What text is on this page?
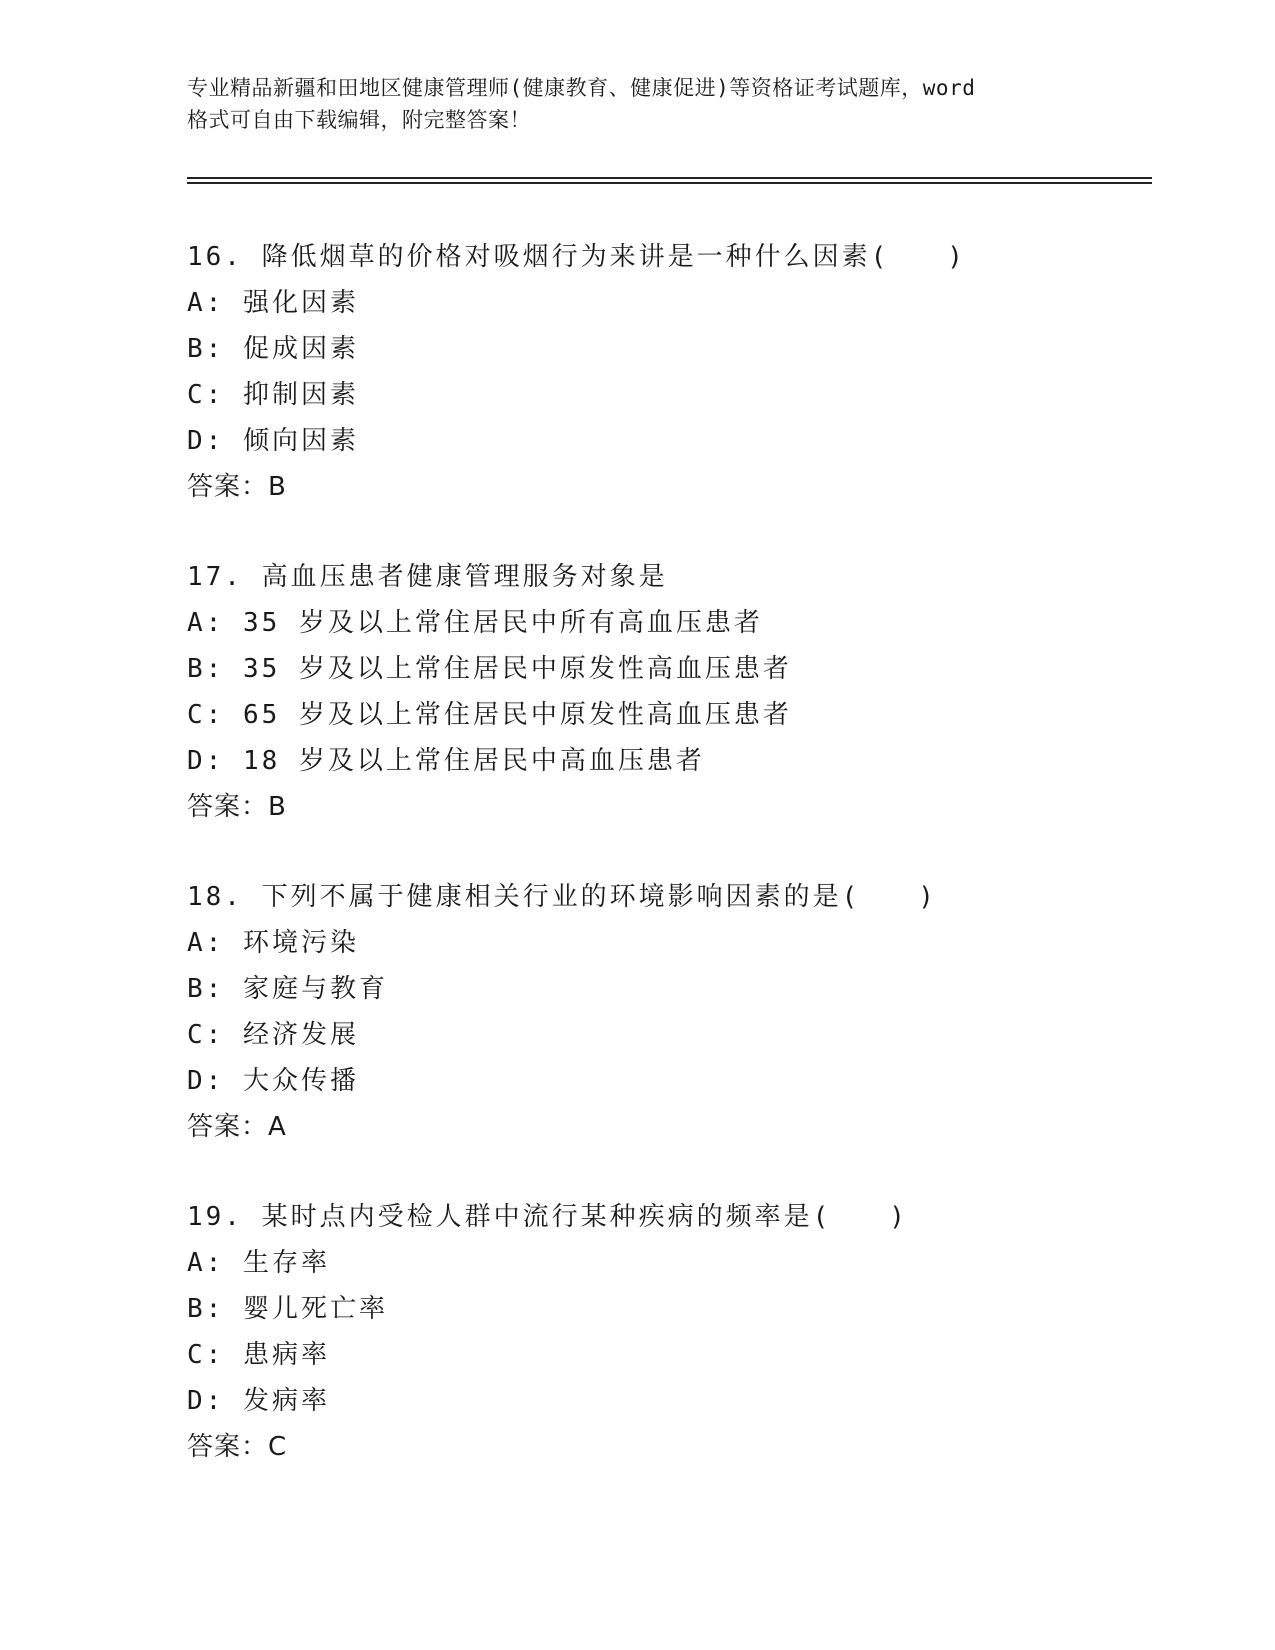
专业精品新疆和田地区健康管理师(健康教育、健康促进)等资格证考试题库，word
格式可自由下载编辑，附完整答案！
16. 降低烟草的价格对吸烟行为来讲是一种什么因素(　　)
A: 强化因素
B: 促成因素
C: 抑制因素
D: 倾向因素
答案：B
17. 高血压患者健康管理服务对象是
A: 35 岁及以上常住居民中所有高血压患者
B: 35 岁及以上常住居民中原发性高血压患者
C: 65 岁及以上常住居民中原发性高血压患者
D: 18 岁及以上常住居民中高血压患者
答案：B
18. 下列不属于健康相关行业的环境影响因素的是(　　)
A: 环境污染
B: 家庭与教育
C: 经济发展
D: 大众传播
答案：A
19. 某时点内受检人群中流行某种疾病的频率是(　　)
A: 生存率
B: 婴儿死亡率
C: 患病率
D: 发病率
答案：C
